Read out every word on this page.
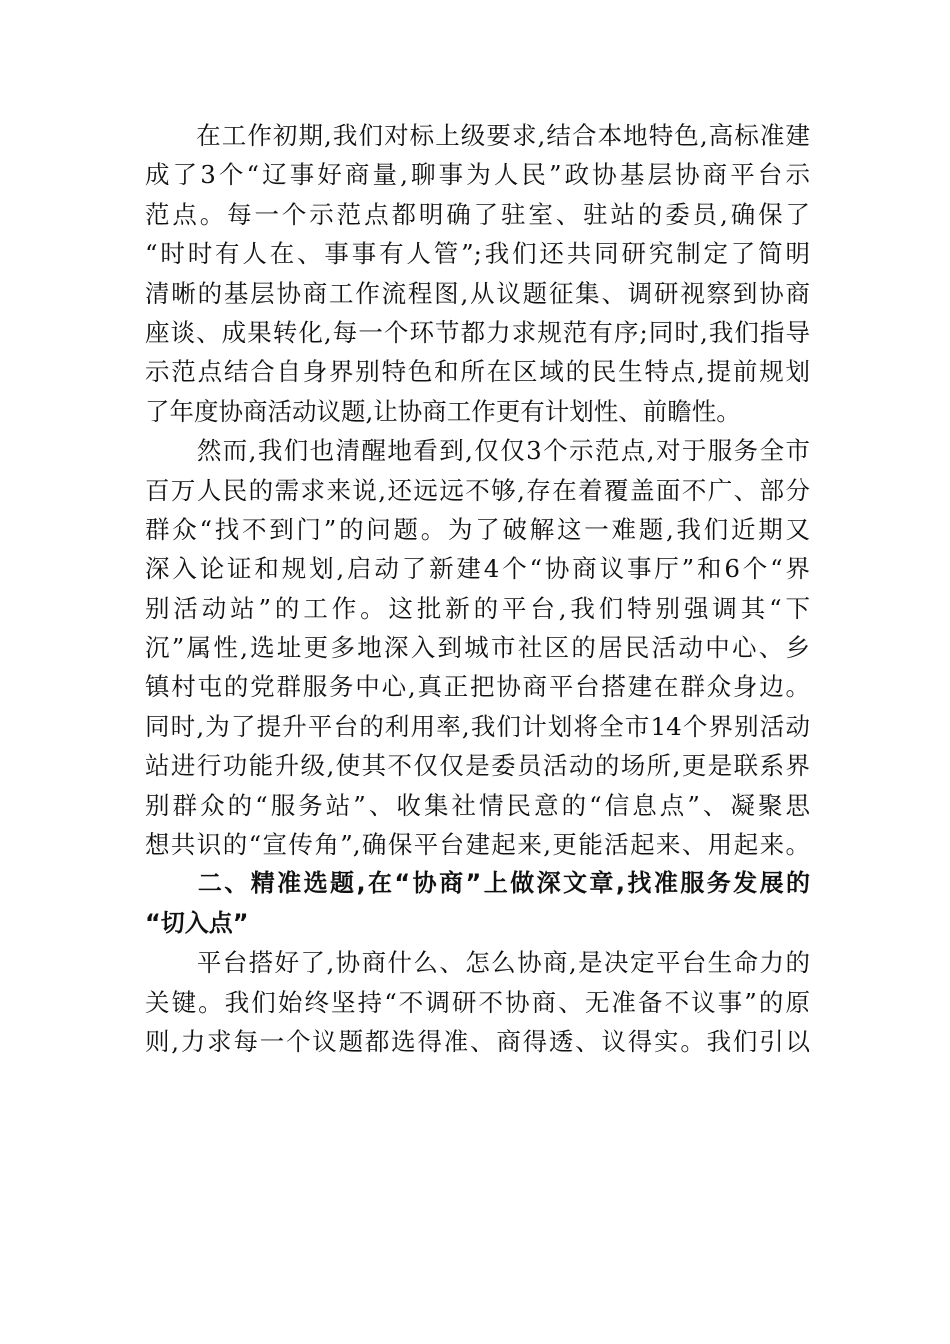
　　在工作初期,我们对标上级要求,结合本地特色,高标准建
成了3个“辽事好商量,聊事为人民”政协基层协商平台示
范点。每一个示范点都明确了驻室、驻站的委员,确保了
“时时有人在、事事有人管”;我们还共同研究制定了简明
清晰的基层协商工作流程图,从议题征集、调研视察到协商
座谈、成果转化,每一个环节都力求规范有序;同时,我们指导
示范点结合自身界别特色和所在区域的民生特点,提前规划
了年度协商活动议题,让协商工作更有计划性、前瞻性。
　　然而,我们也清醒地看到,仅仅3个示范点,对于服务全市
百万人民的需求来说,还远远不够,存在着覆盖面不广、部分
群众“找不到门”的问题。为了破解这一难题,我们近期又
深入论证和规划,启动了新建4个“协商议事厅”和6个“界
别活动站”的工作。这批新的平台,我们特别强调其“下
沉”属性,选址更多地深入到城市社区的居民活动中心、乡
镇村屯的党群服务中心,真正把协商平台搭建在群众身边。
同时,为了提升平台的利用率,我们计划将全市14个界别活动
站进行功能升级,使其不仅仅是委员活动的场所,更是联系界
别群众的“服务站”、收集社情民意的“信息点”、凝聚思
想共识的“宣传角”,确保平台建起来,更能活起来、用起来。
　　二、精准选题,在“协商”上做深文章,找准服务发展的
“切入点”
　　平台搭好了,协商什么、怎么协商,是决定平台生命力的
关键。我们始终坚持“不调研不协商、无准备不议事”的原
则,力求每一个议题都选得准、商得透、议得实。我们引以
